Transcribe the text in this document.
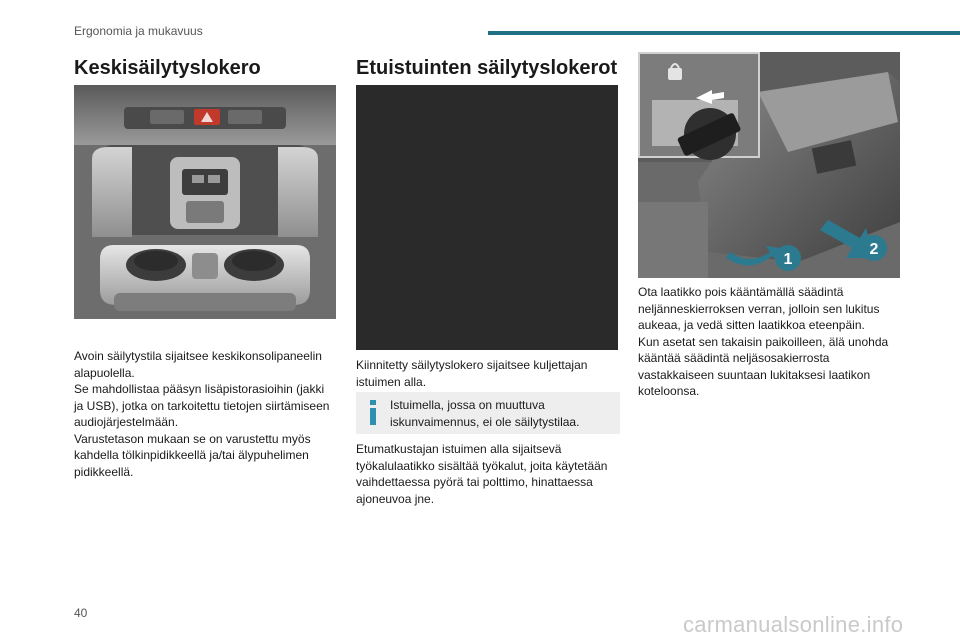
Ergonomia ja mukavuus
Keskisäilytyslokero

Avoin säilytystila sijaitsee keskikonsolipaneelin alapuolella.

Se mahdollistaa pääsyn lisäpistorasioihin (jakki ja USB), jotka on tarkoitettu tietojen siirtämiseen audiojärjestelmään.

Varustetason mukaan se on varustettu myös kahdella tölkinpidikkeellä ja/tai älypuhelimen pidikkeellä.

Etuistuinten säilytyslokerot

Kiinnitetty säilytyslokero sijaitsee kuljettajan istuimen alla.

Istuimella, jossa on muuttuva iskunvaimennus, ei ole säilytystilaa.

Etumatkustajan istuimen alla sijaitsevä työkalulaatikko sisältää työkalut, joita käytetään vaihdettaessa pyörä tai polttimo, hinattaessa ajoneuvoa jne.

1
2

Ota laatikko pois kääntämällä säädintä neljänneskierroksen verran, jolloin sen lukitus aukeaa, ja vedä sitten laatikkoa eteenpäin.

Kun asetat sen takaisin paikoilleen, älä unohda kääntää säädintä neljäsosakierrosta vastakkaiseen suuntaan lukitaksesi laatikon koteloonsa.

40	carmanualsonline.info
